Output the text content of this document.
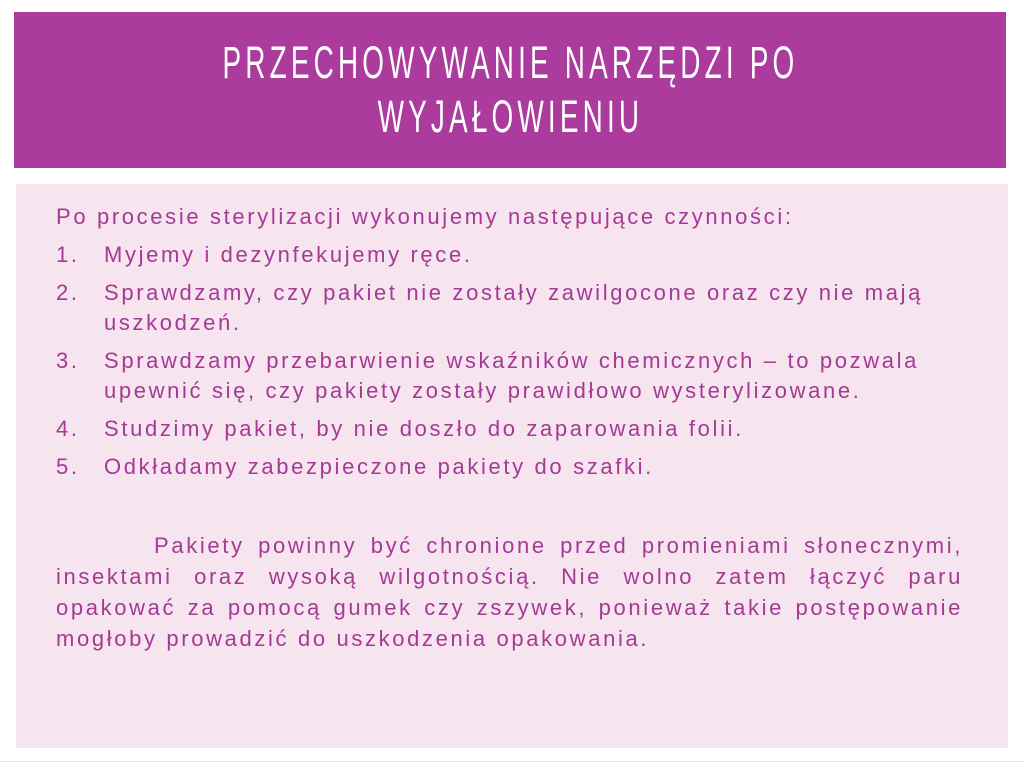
PRZECHOWYWANIE NARZĘDZI PO
WYJAŁOWIENIU

Po procesie sterylizacji wykonujemy następujące czynności:

1.	Myjemy i dezynfekujemy ręce.
2.	Sprawdzamy, czy pakiet nie zostały zawilgocone oraz czy nie mają uszkodzeń.
3.	Sprawdzamy przebarwienie wskaźników chemicznych – to pozwala upewnić się, czy pakiety zostały prawidłowo wysterylizowane.
4.	Studzimy pakiet, by nie doszło do zaparowania folii.
5.	Odkładamy zabezpieczone pakiety do szafki.

Pakiety powinny być chronione przed promieniami słonecznymi, insektami oraz wysoką wilgotnością. Nie wolno zatem łączyć paru opakować za pomocą gumek czy zszywek, ponieważ takie postępowanie mogłoby prowadzić do uszkodzenia opakowania.
